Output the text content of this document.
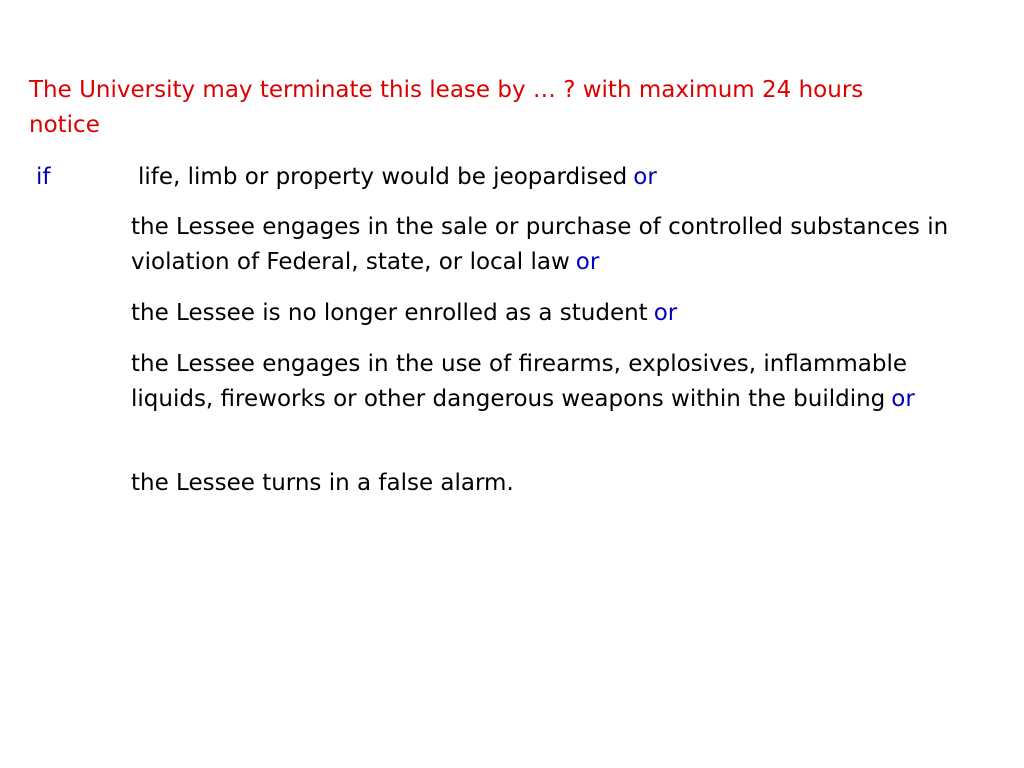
The University may terminate this lease by … ? with maximum 24 hours notice
if	life, limb or property would be jeopardised or
the Lessee engages in the sale or purchase of controlled substances in violation of Federal, state, or local law or
the Lessee is no longer enrolled as a student or
the Lessee engages in the use of firearms, explosives, inflammable liquids, fireworks or other dangerous weapons within the building or
the Lessee turns in a false alarm.
